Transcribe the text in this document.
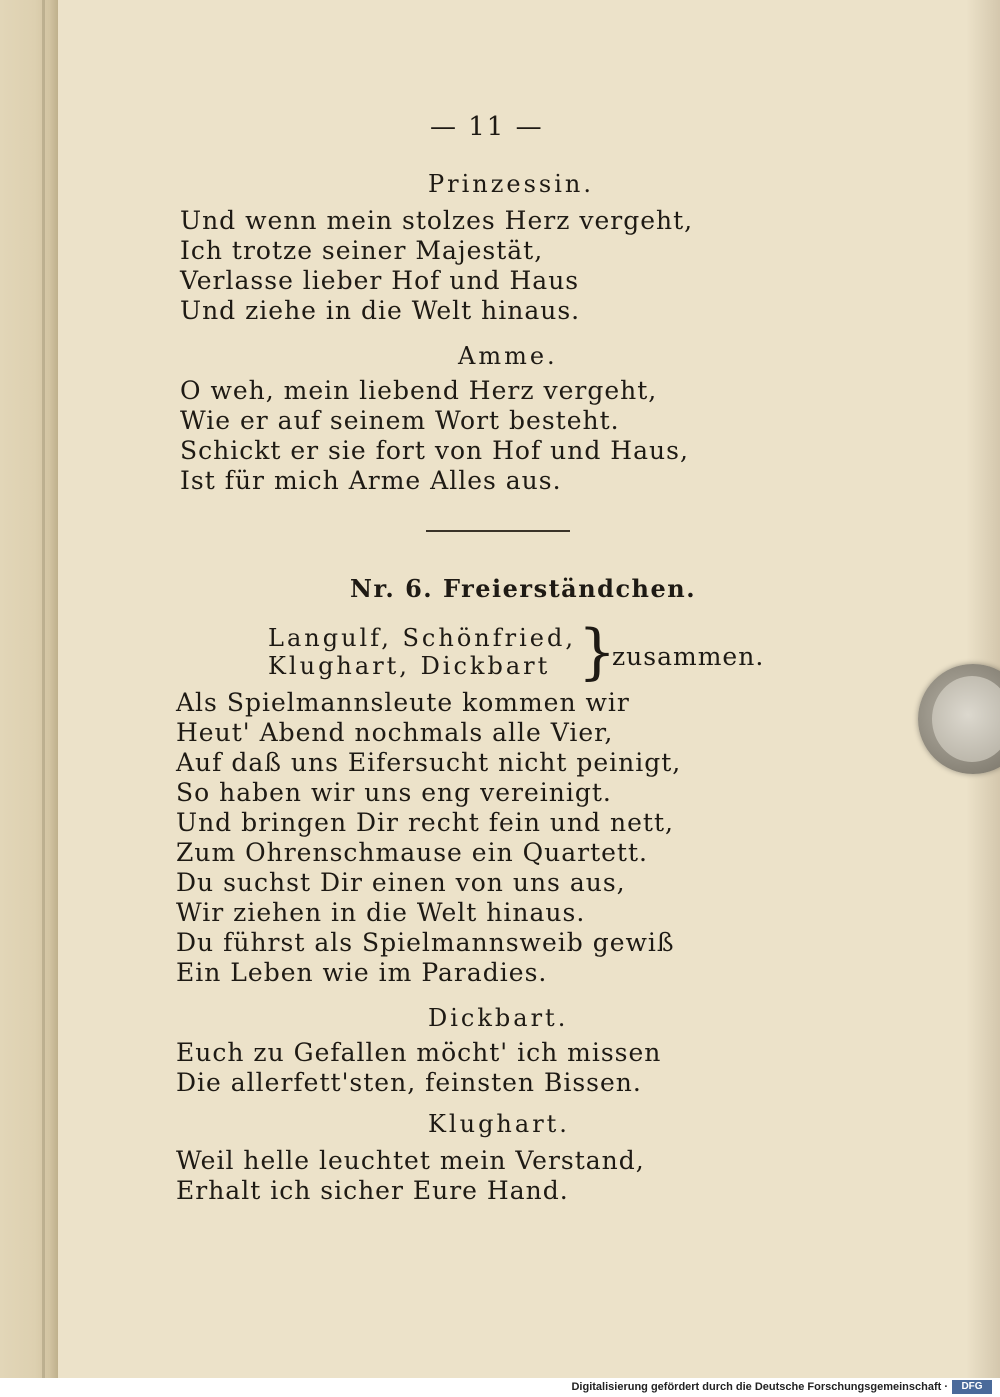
— 11 —
Prinzessin.
Und wenn mein stolzes Herz vergeht,
Ich trotze seiner Majestät,
Verlasse lieber Hof und Haus
Und ziehe in die Welt hinaus.
Amme.
O weh, mein liebend Herz vergeht,
Wie er auf seinem Wort besteht.
Schickt er sie fort von Hof und Haus,
Ist für mich Arme Alles aus.
Nr. 6. Freierständchen.
Langulf, Schönfried,
Klughart, Dickbart }
zusammen.
Als Spielmannsleute kommen wir
Heut' Abend nochmals alle Vier,
Auf daß uns Eifersucht nicht peinigt,
So haben wir uns eng vereinigt.
Und bringen Dir recht fein und nett,
Zum Ohrenschmause ein Quartett.
Du suchst Dir einen von uns aus,
Wir ziehen in die Welt hinaus.
Du führst als Spielmannsweib gewiß
Ein Leben wie im Paradies.
Dickbart.
Euch zu Gefallen möcht' ich missen
Die allerfett'sten, feinsten Bissen.
Klughart.
Weil helle leuchtet mein Verstand,
Erhalt ich sicher Eure Hand.
Digitalisierung gefördert durch die Deutsche Forschungsgemeinschaft ·	DFG
